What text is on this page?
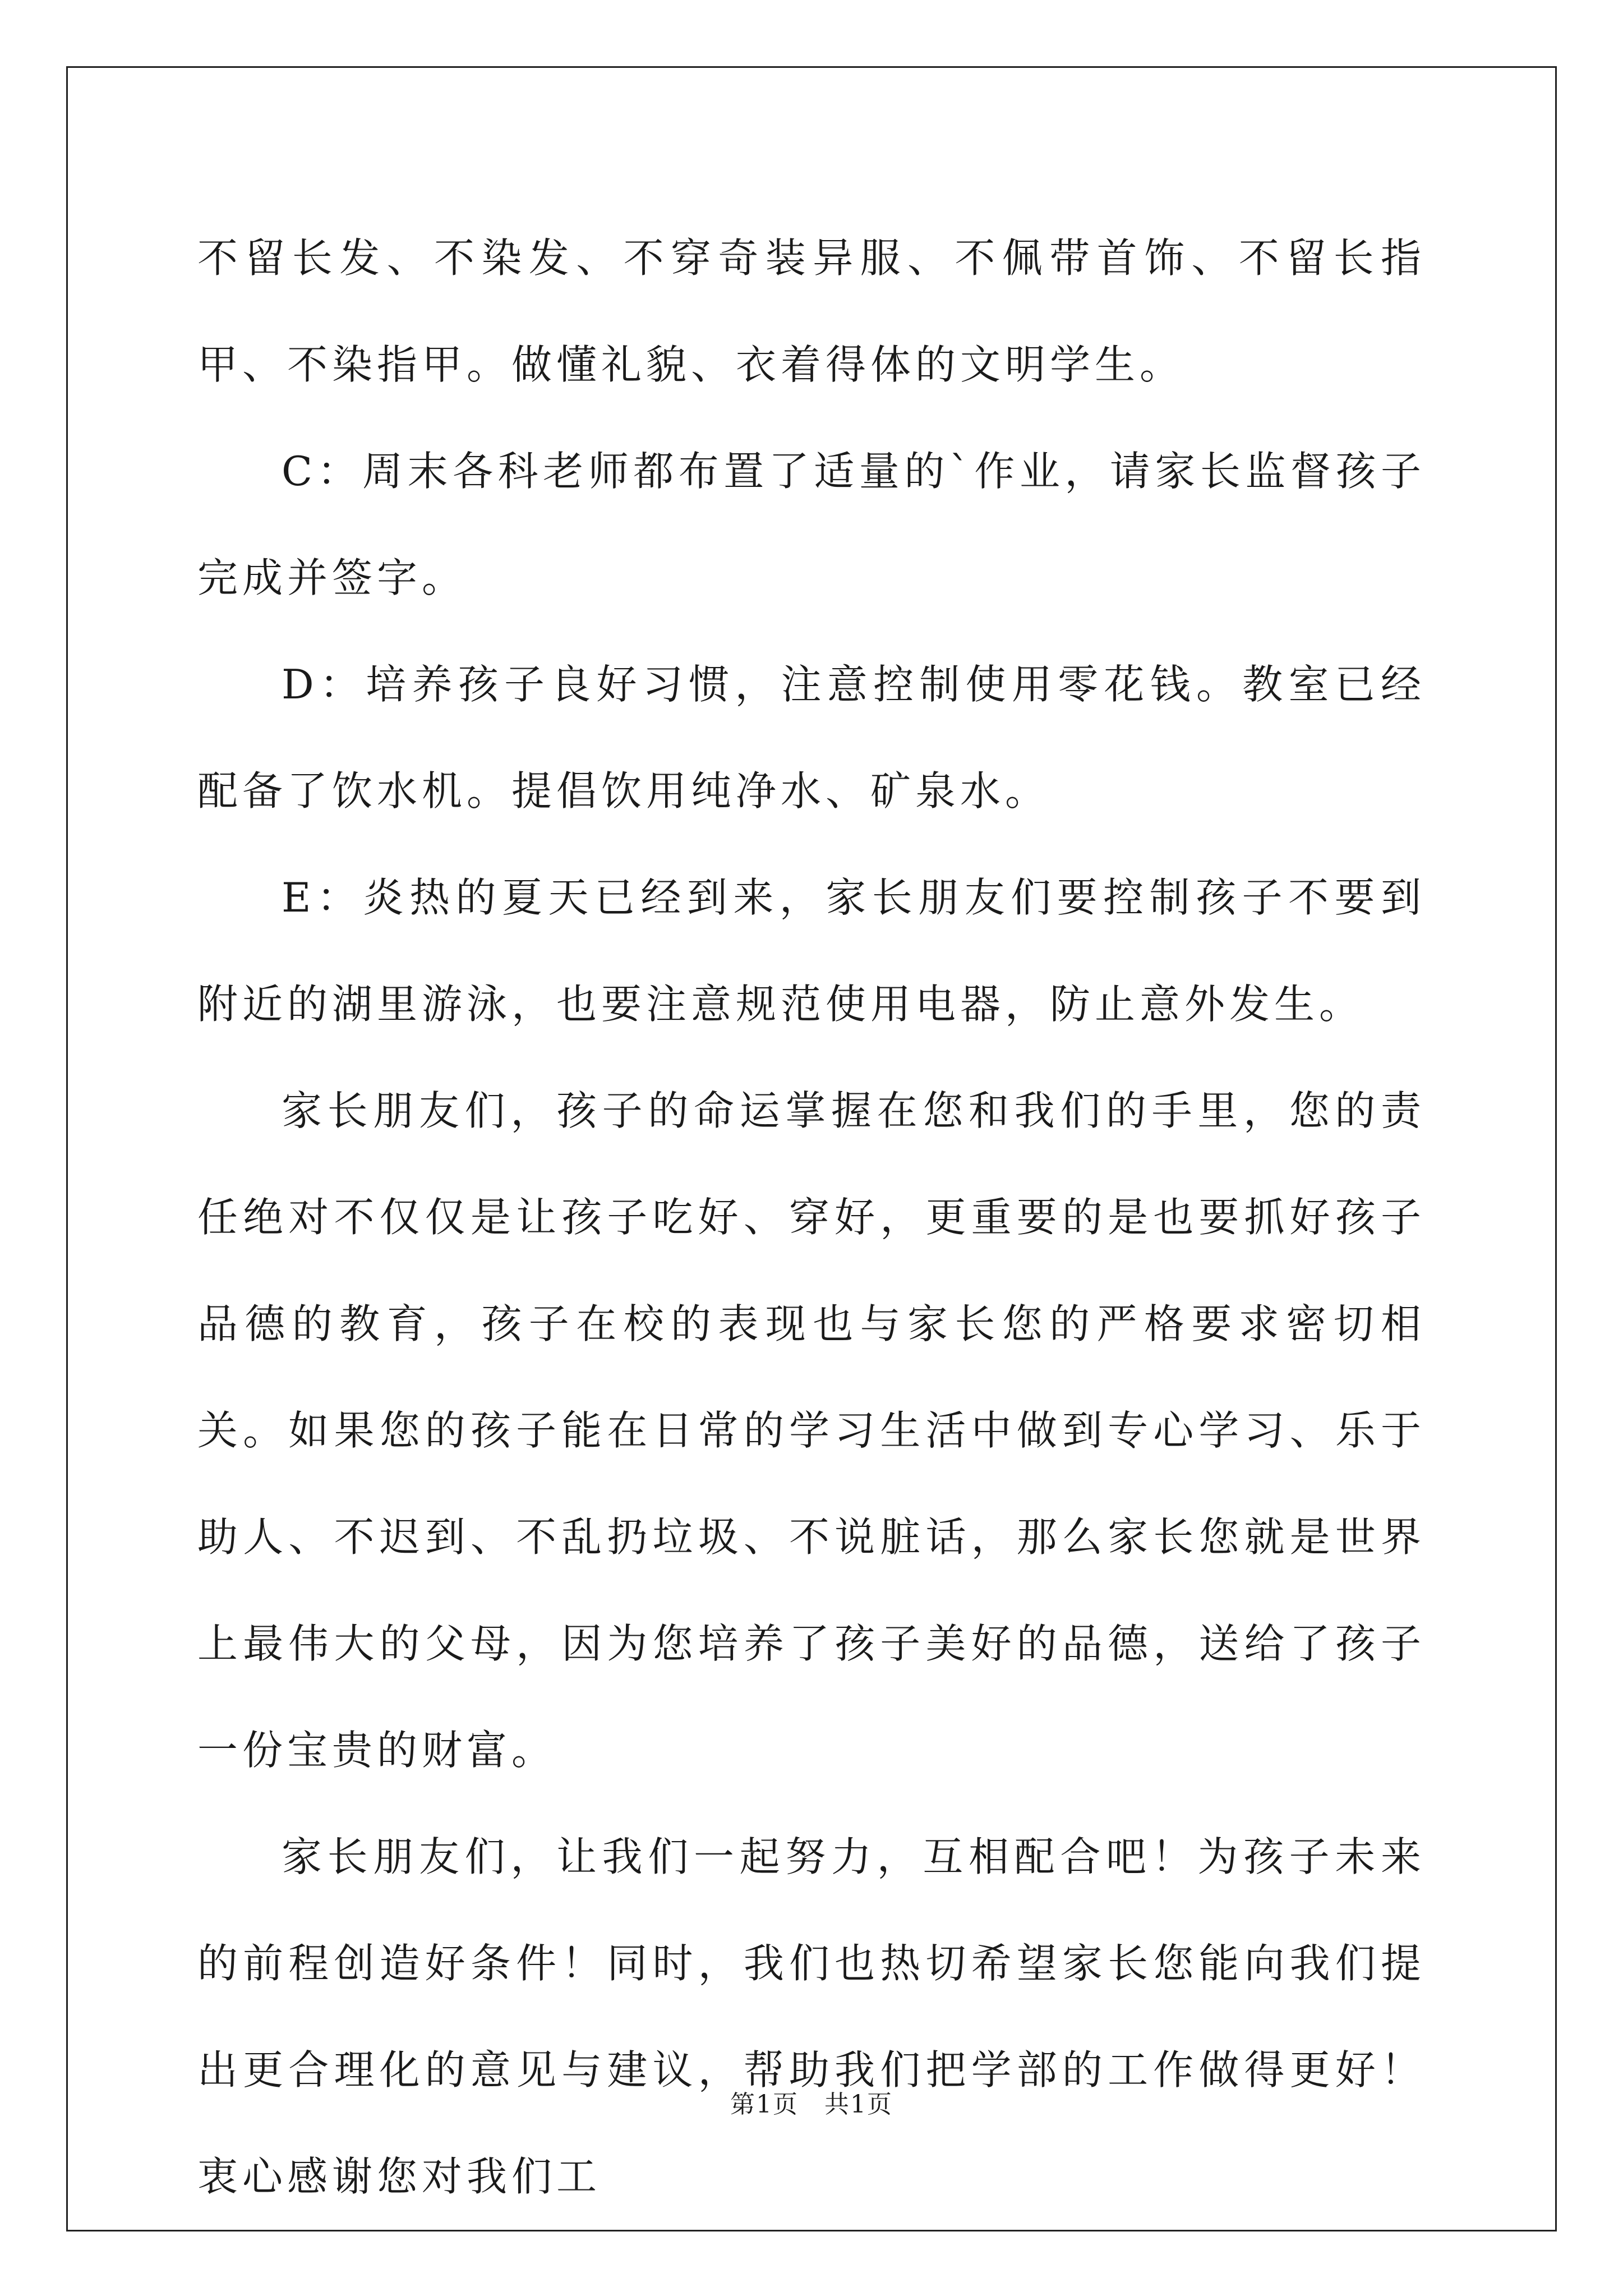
不留长发、不染发、不穿奇装异服、不佩带首饰、不留长指甲、不染指甲。做懂礼貌、衣着得体的文明学生。

C：周末各科老师都布置了适量的`作业，请家长监督孩子完成并签字。

D：培养孩子良好习惯，注意控制使用零花钱。教室已经配备了饮水机。提倡饮用纯净水、矿泉水。

E：炎热的夏天已经到来，家长朋友们要控制孩子不要到附近的湖里游泳，也要注意规范使用电器，防止意外发生。

家长朋友们，孩子的命运掌握在您和我们的手里，您的责任绝对不仅仅是让孩子吃好、穿好，更重要的是也要抓好孩子品德的教育，孩子在校的表现也与家长您的严格要求密切相关。如果您的孩子能在日常的学习生活中做到专心学习、乐于助人、不迟到、不乱扔垃圾、不说脏话，那么家长您就是世界上最伟大的父母，因为您培养了孩子美好的品德，送给了孩子一份宝贵的财富。

家长朋友们，让我们一起努力，互相配合吧！为孩子未来的前程创造好条件！同时，我们也热切希望家长您能向我们提出更合理化的意见与建议，帮助我们把学部的工作做得更好！衷心感谢您对我们工

第1页　共1页
